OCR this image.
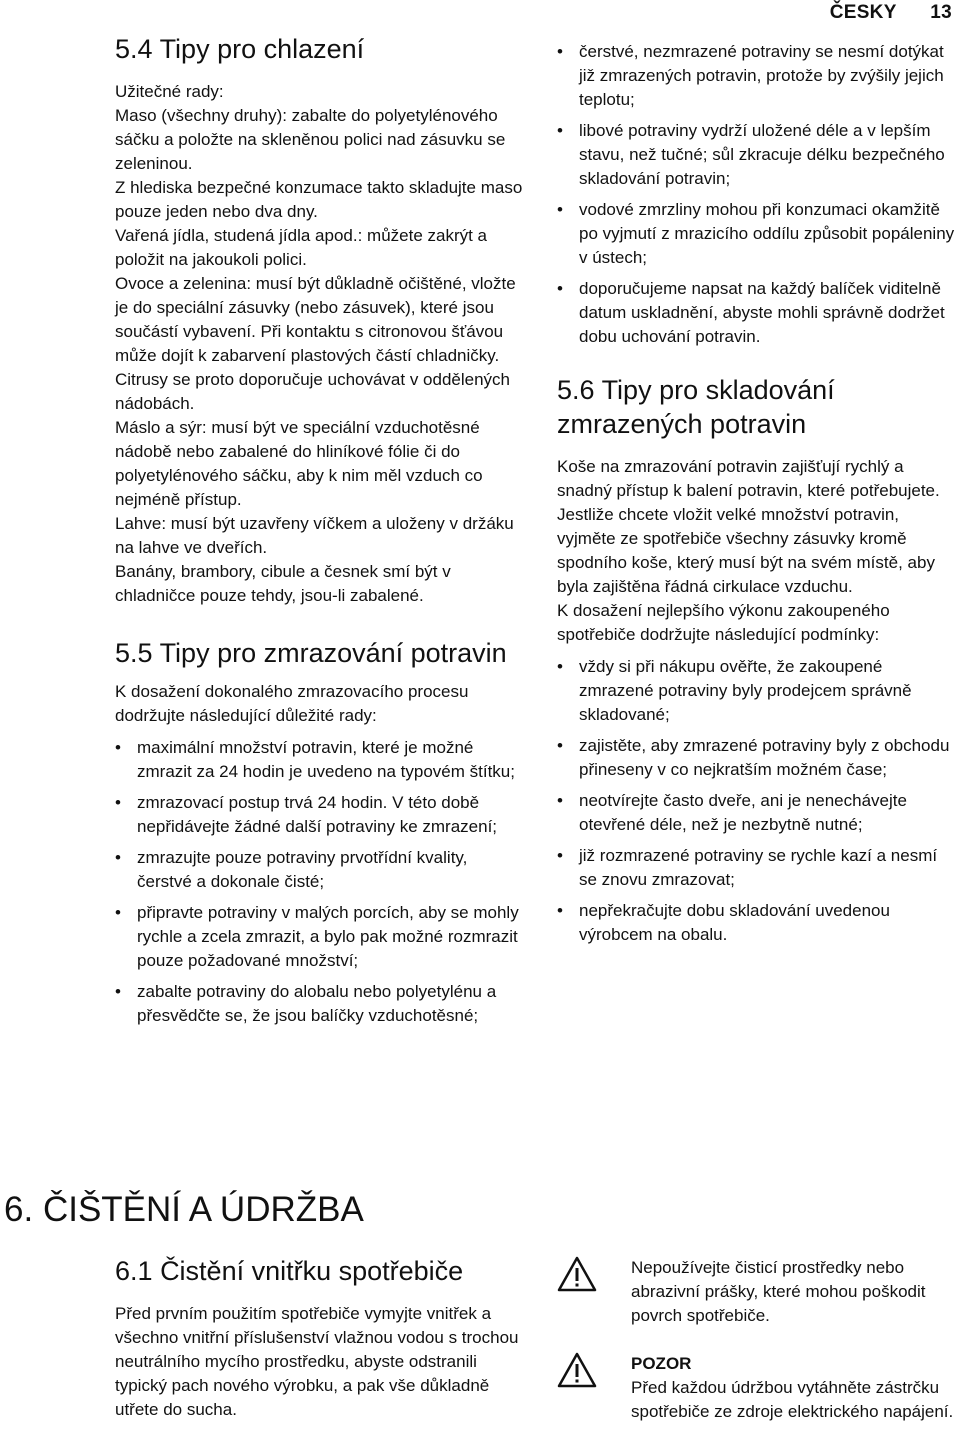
ČESKY 13
5.4 Tipy pro chlazení

Užitečné rady:

Maso (všechny druhy): zabalte do polyetylénového sáčku a položte na skleněnou polici nad zásuvku se zeleninou.

Z hlediska bezpečné konzumace takto skladujte maso pouze jeden nebo dva dny.

Vařená jídla, studená jídla apod.: můžete zakrýt a položit na jakoukoli polici.

Ovoce a zelenina: musí být důkladně očištěné, vložte je do speciální zásuvky (nebo zásuvek), které jsou součástí vybavení. Při kontaktu s citronovou šťávou může dojít k zabarvení plastových částí chladničky. Citrusy se proto doporučuje uchovávat v oddělených nádobách.

Máslo a sýr: musí být ve speciální vzduchotěsné nádobě nebo zabalené do hliníkové fólie či do polyetylénového sáčku, aby k nim měl vzduch co nejméně přístup.

Lahve: musí být uzavřeny víčkem a uloženy v držáku na lahve ve dveřích.

Banány, brambory, cibule a česnek smí být v chladničce pouze tehdy, jsou-li zabalené.

5.5 Tipy pro zmrazování potravin

K dosažení dokonalého zmrazovacího procesu dodržujte následující důležité rady:

• maximální množství potravin, které je možné zmrazit za 24 hodin je uvedeno na typovém štítku;
• zmrazovací postup trvá 24 hodin. V této době nepřidávejte žádné další potraviny ke zmrazení;
• zmrazujte pouze potraviny prvotřídní kvality, čerstvé a dokonale čisté;
• připravte potraviny v malých porcích, aby se mohly rychle a zcela zmrazit, a bylo pak možné rozmrazit pouze požadované množství;
• zabalte potraviny do alobalu nebo polyetylénu a přesvědčte se, že jsou balíčky vzduchotěsné;
• čerstvé, nezmrazené potraviny se nesmí dotýkat již zmrazených potravin, protože by zvýšily jejich teplotu;
• libové potraviny vydrží uložené déle a v lepším stavu, než tučné; sůl zkracuje délku bezpečného skladování potravin;
• vodové zmrzliny mohou při konzumaci okamžitě po vyjmutí z mrazicího oddílu způsobit popáleniny v ústech;
• doporučujeme napsat na každý balíček viditelně datum uskladnění, abyste mohli správně dodržet dobu uchování potravin.
5.6 Tipy pro skladování zmrazených potravin

Koše na zmrazování potravin zajišťují rychlý a snadný přístup k balení potravin, které potřebujete. Jestliže chcete vložit velké množství potravin, vyjměte ze spotřebiče všechny zásuvky kromě spodního koše, který musí být na svém místě, aby byla zajištěna řádná cirkulace vzduchu.

K dosažení nejlepšího výkonu zakoupeného spotřebiče dodržujte následující podmínky:

• vždy si při nákupu ověřte, že zakoupené zmrazené potraviny byly prodejcem správně skladované;
• zajistěte, aby zmrazené potraviny byly z obchodu přineseny v co nejkratším možném čase;
• neotvírejte často dveře, ani je nenechávejte otevřené déle, než je nezbytně nutné;
• již rozmrazené potraviny se rychle kazí a nesmí se znovu zmrazovat;
• nepřekračujte dobu skladování uvedenou výrobcem na obalu.
6. ČIŠTĚNÍ A ÚDRŽBA
6.1 Čistění vnitřku spotřebiče

Před prvním použitím spotřebiče vymyjte vnitřek a všechno vnitřní příslušenství vlažnou vodou s trochou neutrálního mycího prostředku, abyste odstranili typický pach nového výrobku, a pak vše důkladně utřete do sucha.

Nepoužívejte čisticí prostředky nebo abrazivní prášky, které mohou poškodit povrch spotřebiče.
POZOR
Před každou údržbou vytáhněte zástrčku spotřebiče ze zdroje elektrického napájení.
